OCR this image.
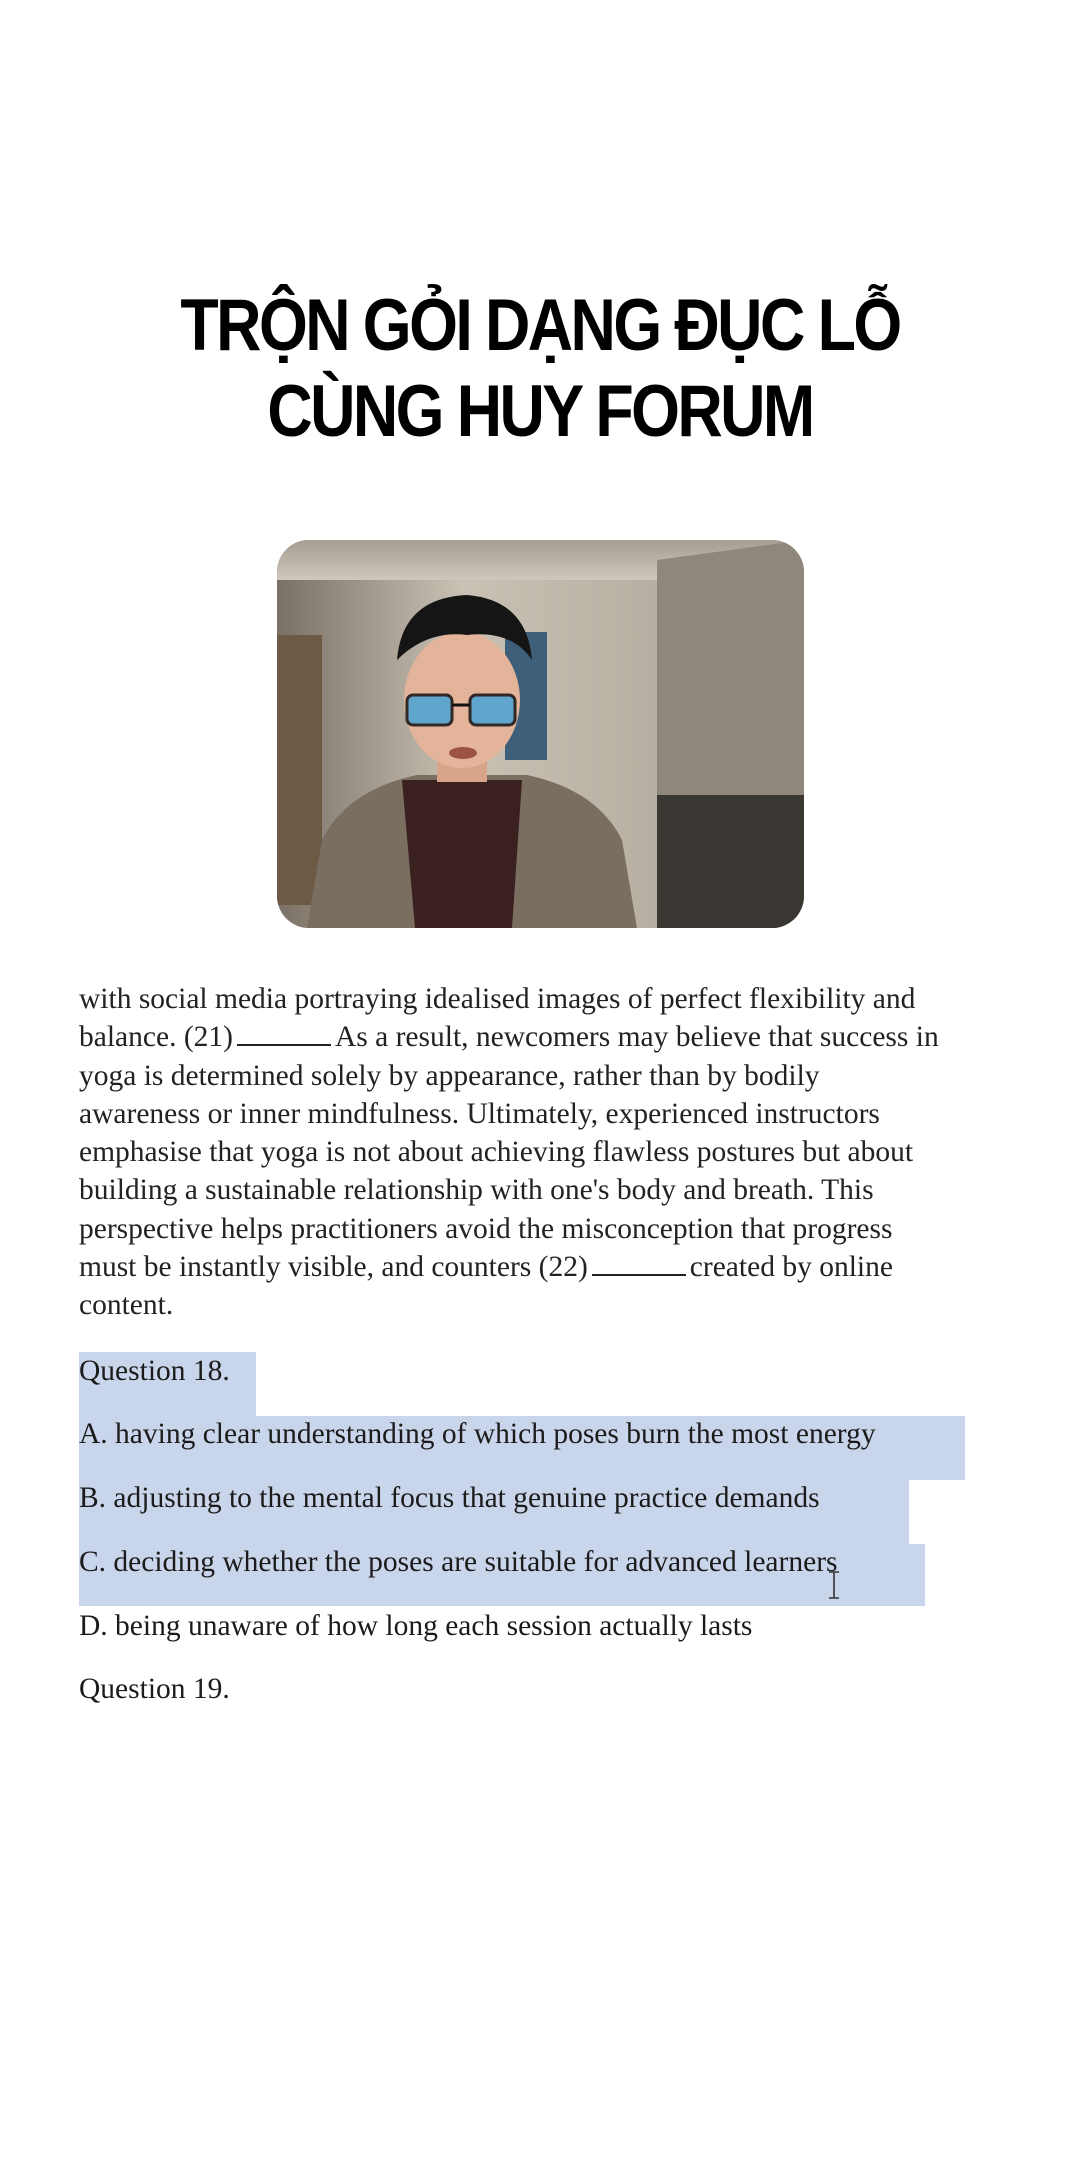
TRỘN GỎI DẠNG ĐỤC LỖ
CÙNG HUY FORUM
with social media portraying idealised images of perfect flexibility and
balance. (21)	As a result, newcomers may believe that success in
yoga is determined solely by appearance, rather than by bodily
awareness or inner mindfulness. Ultimately, experienced instructors
emphasise that yoga is not about achieving flawless postures but about
building a sustainable relationship with one's body and breath. This
perspective helps practitioners avoid the misconception that progress
must be instantly visible, and counters (22)	created by online
content.
Question 18.
A. having clear understanding of which poses burn the most energy
B. adjusting to the mental focus that genuine practice demands
C. deciding whether the poses are suitable for advanced learners
D. being unaware of how long each session actually lasts
Question 19.
